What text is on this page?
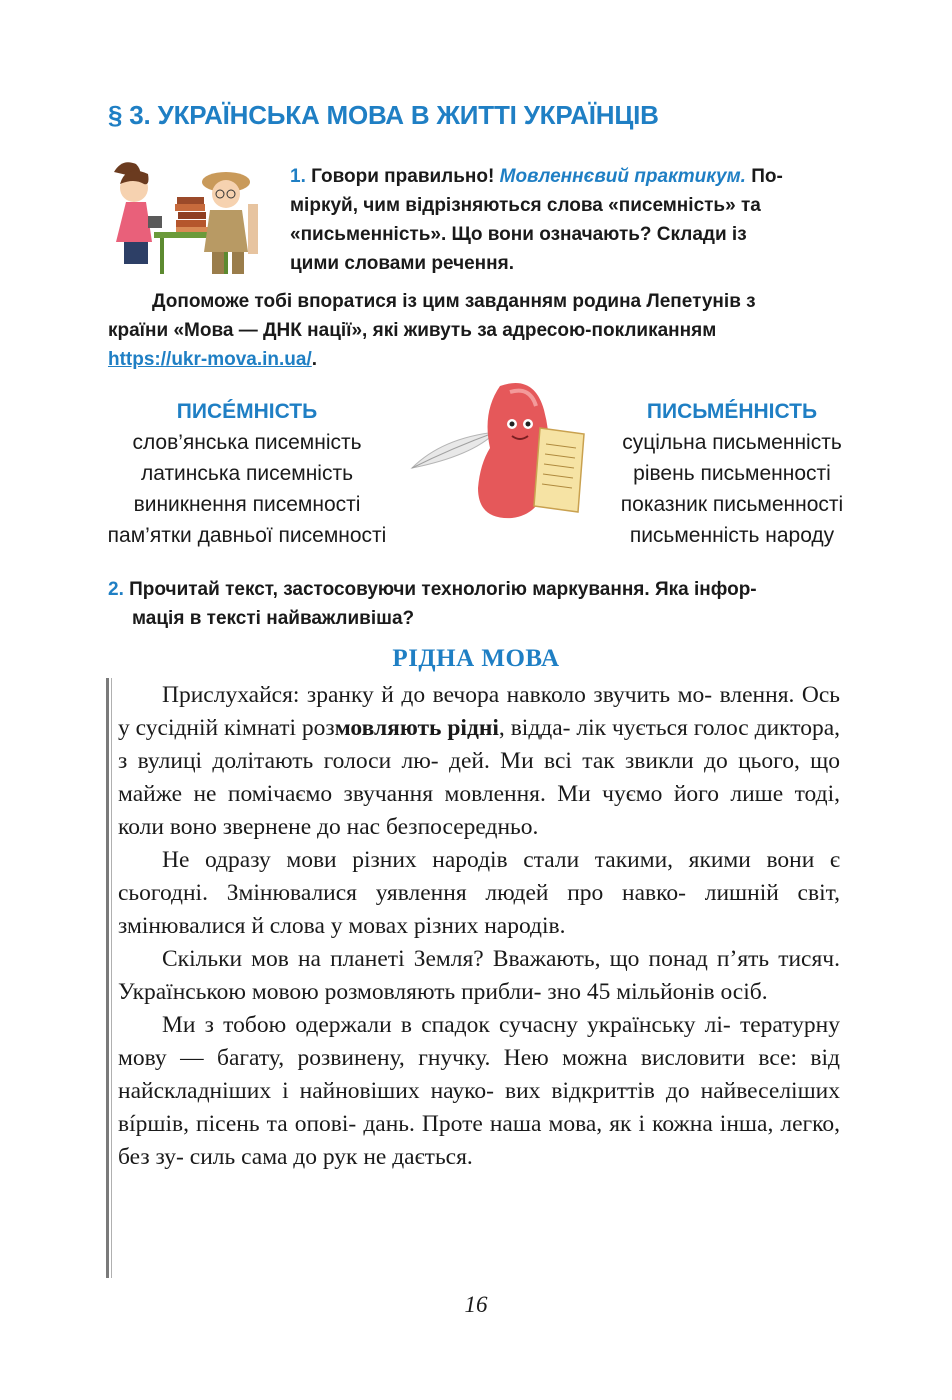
§ 3. УКРАЇНСЬКА МОВА В ЖИТТІ УКРАЇНЦІВ

1. Говори правильно! Мовленнєвий практикум. По-
міркуй, чим відрізняються слова «писемність» та
«письменність». Що вони означають? Склади із
цими словами речення.

Допоможе тобі впоратися із цим завданням родина Лепетунів з
країни «Мова — ДНК нації», які живуть за адресою-покликанням
https://ukr-mova.in.ua/.

ПИСÉМНІСТЬ
слов’янська писемність
латинська писемність
виникнення писемності
пам’ятки давньої писемності
ПИСЬМÉННІСТЬ
суцільна письменність
рівень письменності
показник письменності
письменність народу

2. Прочитай текст, застосовуючи технологію маркування. Яка інфор-
мація в тексті найважливіша?

РІДНА МОВА

Прислухайся: зранку й до вечора навколо звучить мо- влення. Ось у сусідній кімнаті розмовляють рідні, відда- лік чується голос диктора, з вулиці долітають голоси лю- дей. Ми всі так звикли до цього, що майже не помічаємо звучання мовлення. Ми чуємо його лише тоді, коли воно звернене до нас безпосередньо.

Не одразу мови різних народів стали такими, якими вони є сьогодні. Змінювалися уявлення людей про навко- лишній світ, змінювалися й слова у мовах різних народів.

Скільки мов на планеті Земля? Вважають, що понад п’ять тисяч. Українською мовою розмовляють прибли- зно 45 мільйонів осіб.

Ми з тобою одержали в спадок сучасну українську лі- тературну мову — багату, розвинену, гнучку. Нею можна висловити все: від найскладніших і найновіших науко- вих відкриттів до найвеселіших вíршів, пісень та опові- дань. Проте наша мова, як і кожна інша, легко, без зу- силь сама до рук не дається.

16
